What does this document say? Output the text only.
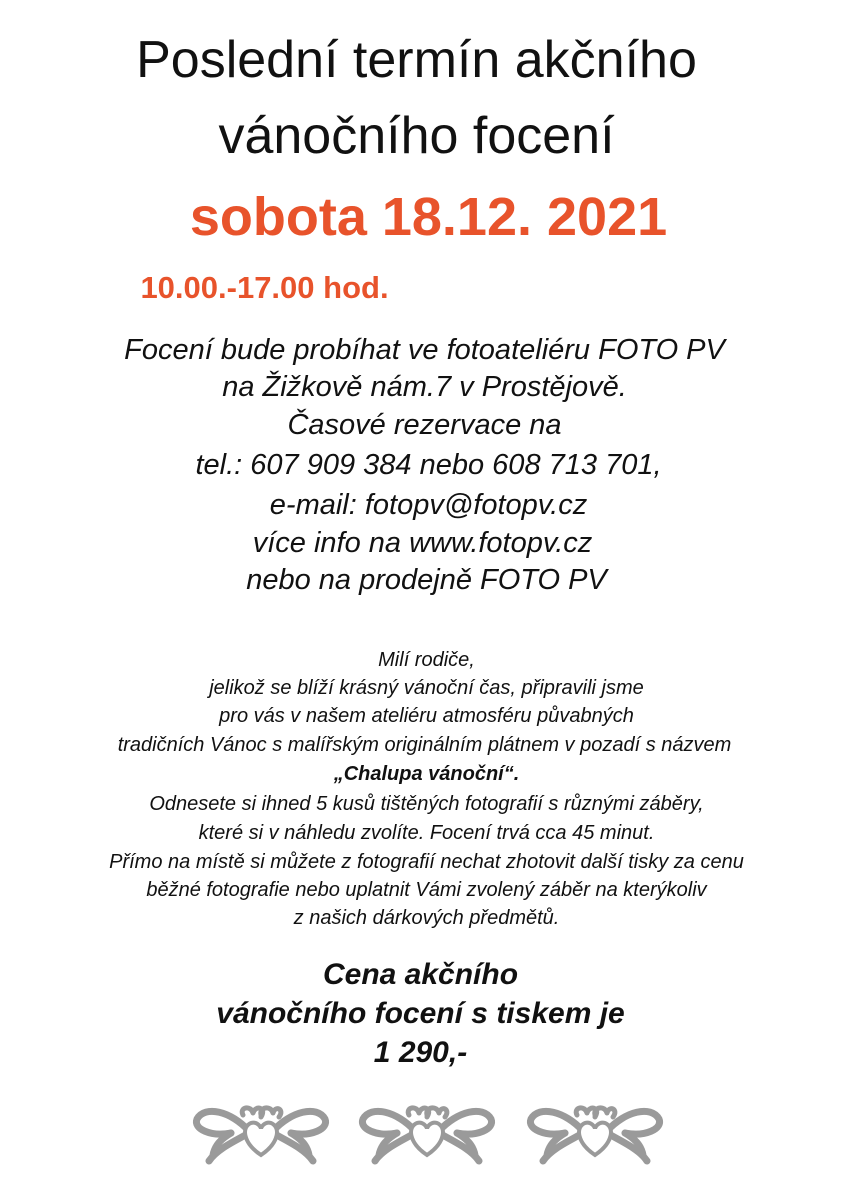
Poslední termín akčního
vánočního focení
sobota 18.12. 2021
10.00.-17.00 hod.
Focení bude probíhat ve fotoateliéru FOTO PV
na Žižkově nám.7 v Prostějově.
Časové rezervace na
tel.: 607 909 384 nebo 608 713 701,
e-mail: fotopv@fotopv.cz
více info na www.fotopv.cz
nebo na prodejně FOTO PV
Milí rodiče,
jelikož se blíží krásný vánoční čas, připravili jsme
pro vás v našem ateliéru atmosféru půvabných
tradičních Vánoc s malířským originálním plátnem v pozadí s názvem
„Chalupa vánoční“.
Odnesete si ihned 5 kusů tištěných fotografií s různými záběry,
které si v náhledu zvolíte. Focení trvá cca 45 minut.
Přímo na místě si můžete z fotografií nechat zhotovit další tisky za cenu
běžné fotografie nebo uplatnit Vámi zvolený záběr na kterýkoliv
z našich dárkových předmětů.
Cena akčního
vánočního focení s tiskem je
1 290,-
